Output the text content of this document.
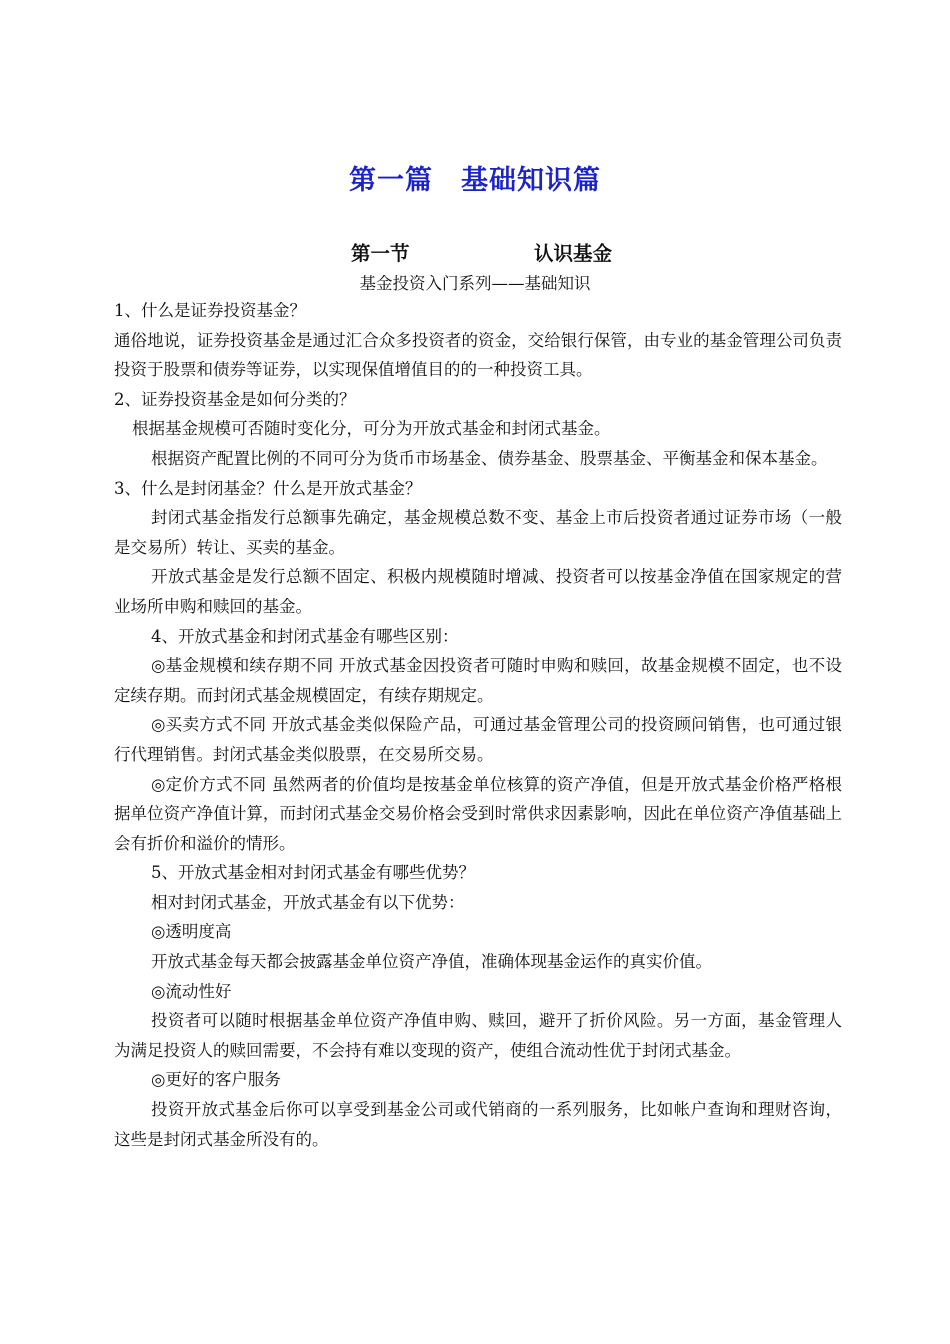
第一篇　基础知识篇
第一节	认识基金
基金投资入门系列——基础知识

1、什么是证券投资基金？

通俗地说，证券投资基金是通过汇合众多投资者的资金，交给银行保管，由专业的基金管理公司负责投资于股票和债券等证券，以实现保值增值目的的一种投资工具。

2、证券投资基金是如何分类的？

根据基金规模可否随时变化分，可分为开放式基金和封闭式基金。

根据资产配置比例的不同可分为货币市场基金、债券基金、股票基金、平衡基金和保本基金。

3、什么是封闭基金？什么是开放式基金？

封闭式基金指发行总额事先确定，基金规模总数不变、基金上市后投资者通过证券市场（一般是交易所）转让、买卖的基金。

开放式基金是发行总额不固定、积极内规模随时增减、投资者可以按基金净值在国家规定的营业场所申购和赎回的基金。

4、开放式基金和封闭式基金有哪些区别：

◎基金规模和续存期不同 开放式基金因投资者可随时申购和赎回，故基金规模不固定，也不设定续存期。而封闭式基金规模固定，有续存期规定。

◎买卖方式不同 开放式基金类似保险产品，可通过基金管理公司的投资顾问销售，也可通过银行代理销售。封闭式基金类似股票，在交易所交易。

◎定价方式不同 虽然两者的价值均是按基金单位核算的资产净值，但是开放式基金价格严格根据单位资产净值计算，而封闭式基金交易价格会受到时常供求因素影响，因此在单位资产净值基础上会有折价和溢价的情形。

5、开放式基金相对封闭式基金有哪些优势？

相对封闭式基金，开放式基金有以下优势：

◎透明度高

开放式基金每天都会披露基金单位资产净值，准确体现基金运作的真实价值。

◎流动性好

投资者可以随时根据基金单位资产净值申购、赎回，避开了折价风险。另一方面，基金管理人为满足投资人的赎回需要，不会持有难以变现的资产，使组合流动性优于封闭式基金。

◎更好的客户服务

投资开放式基金后你可以享受到基金公司或代销商的一系列服务，比如帐户查询和理财咨询，这些是封闭式基金所没有的。
